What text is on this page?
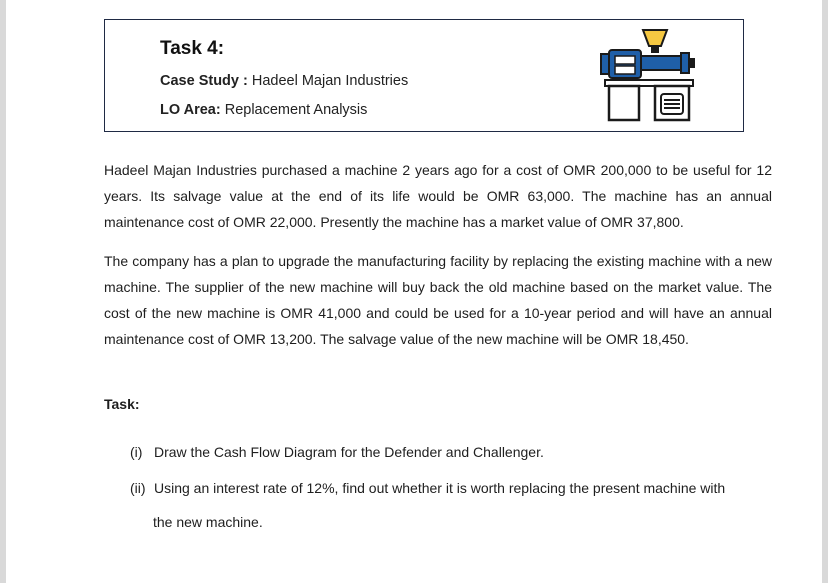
Task 4:
Case Study : Hadeel Majan Industries
LO Area: Replacement Analysis
Hadeel Majan Industries purchased a machine 2 years ago for a cost of OMR 200,000 to be useful for 12 years. Its salvage value at the end of its life would be OMR 63,000. The machine has an annual maintenance cost of OMR 22,000. Presently the machine has a market value of OMR 37,800.
The company has a plan to upgrade the manufacturing facility by replacing the existing machine with a new machine. The supplier of the new machine will buy back the old machine based on the market value. The cost of the new machine is OMR 41,000 and could be used for a 10-year period and will have an annual maintenance cost of OMR 13,200. The salvage value of the new machine will be OMR 18,450.
Task:
(i) Draw the Cash Flow Diagram for the Defender and Challenger.
(ii) Using an interest rate of 12%, find out whether it is worth replacing the present machine with
the new machine.
